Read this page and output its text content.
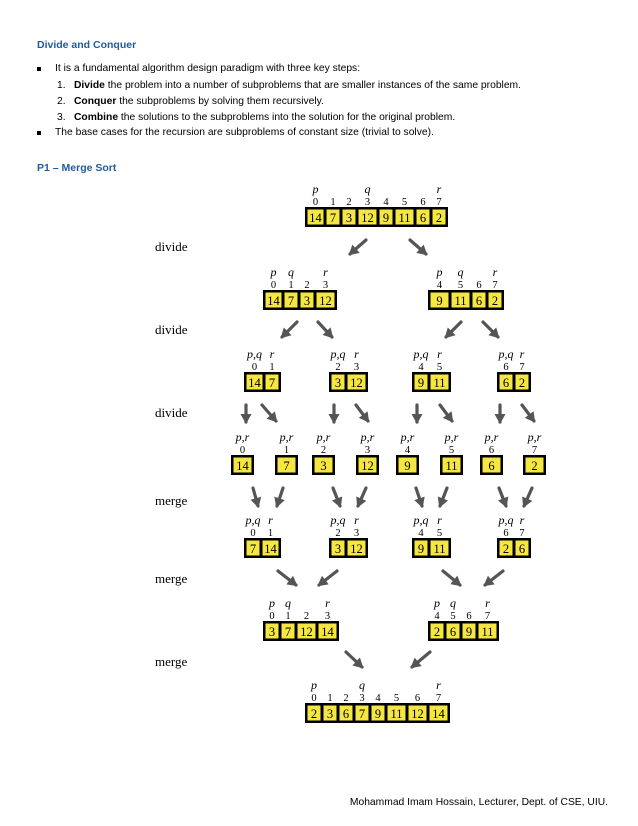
Divide and Conquer
It is a fundamental algorithm design paradigm with three key steps:
1. Divide the problem into a number of subproblems that are smaller instances of the same problem.
2. Conquer the subproblems by solving them recursively.
3. Combine the solutions to the subproblems into the solution for the original problem.
The base cases for the recursion are subproblems of constant size (trivial to solve).
P1 – Merge Sort
divide
divide
divide
merge
merge
merge
14
0
p
7
1
3
2
12
3
q
9
4
11
5
6
6
2
7
r
14
0
p
7
1
q
3
2
12
3
r
9
4
p
11
5
q
6
6
2
7
r
14
0
p,q
7
1
r
3
2
p,q
12
3
r
9
4
p,q
11
5
r
6
6
p,q
2
7
r
14
0
p,r
7
1
p,r
3
2
p,r
12
3
p,r
9
4
p,r
11
5
p,r
6
6
p,r
2
7
p,r
7
0
p,q
14
1
r
3
2
p,q
12
3
r
9
4
p,q
11
5
r
2
6
p,q
6
7
r
3
0
p
7
1
q
12
2
14
3
r
2
4
p
6
5
q
9
6
11
7
r
2
0
p
3
1
6
2
7
3
q
9
4
11
5
12
6
14
7
r
Mohammad Imam Hossain, Lecturer, Dept. of CSE, UIU.
